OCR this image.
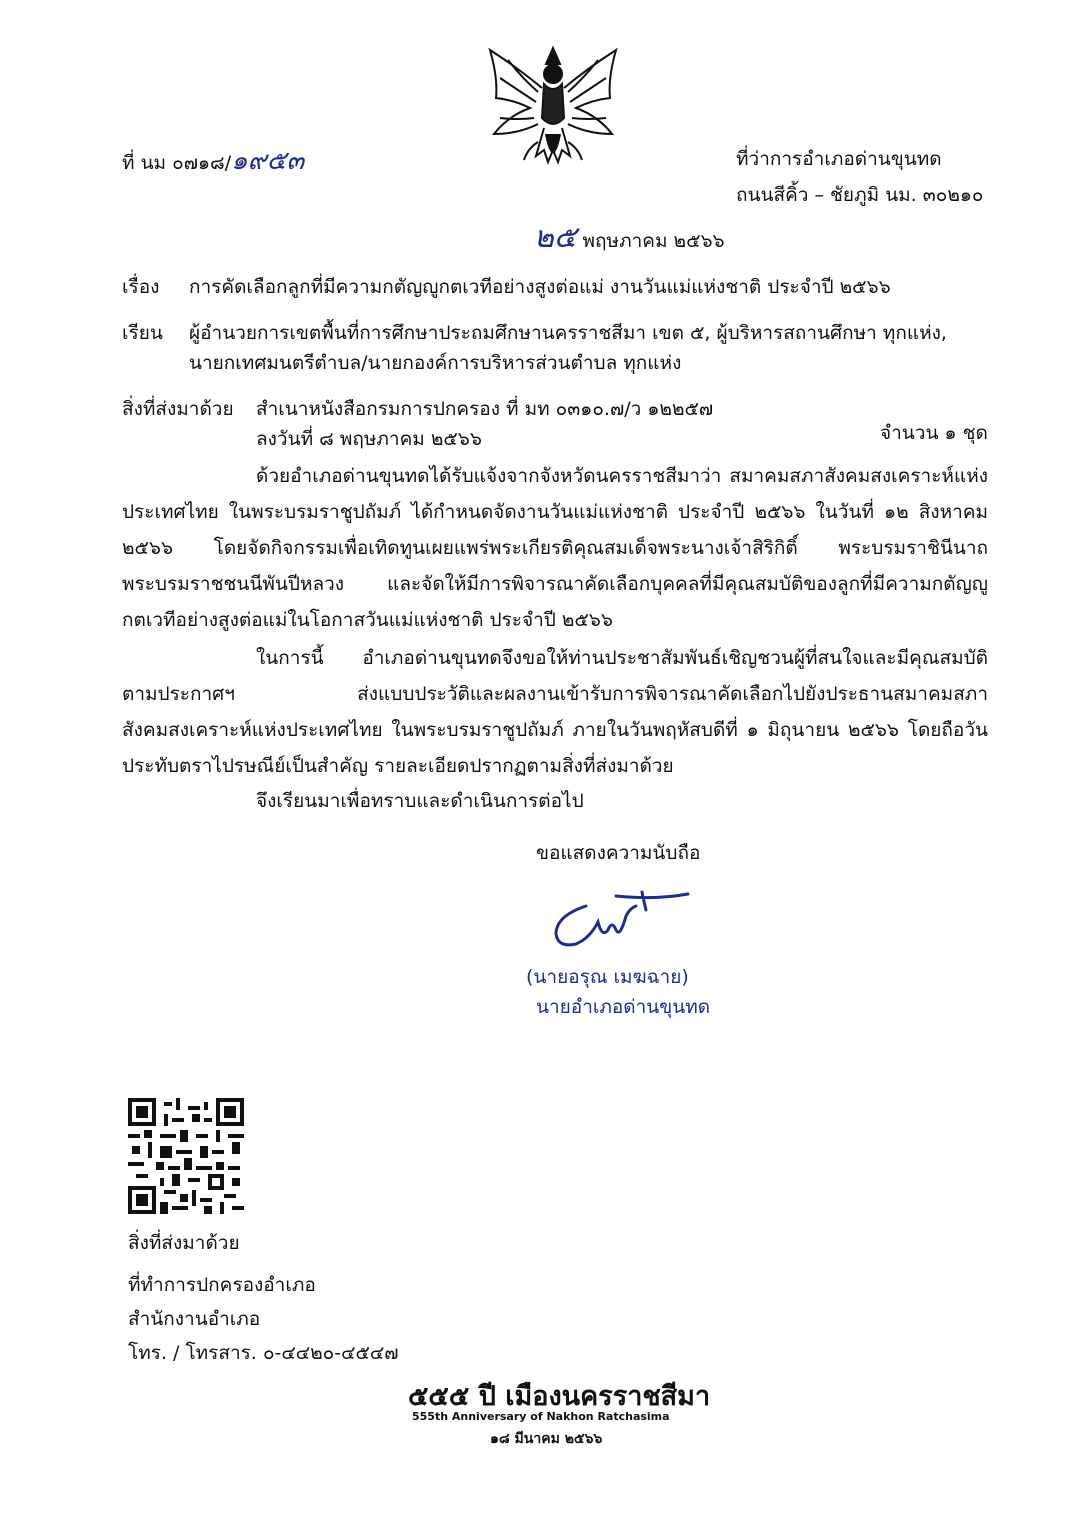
ที่ นม ๐๗๑๘/๑๙๕๓	ที่ว่าการอำเภอด่านขุนทด
ถนนสีคิ้ว – ชัยภูมิ นม. ๓๐๒๑๐
๒๕ พฤษภาคม ๒๕๖๖
เรื่อง การคัดเลือกลูกที่มีความกตัญญูกตเวทีอย่างสูงต่อแม่ งานวันแม่แห่งชาติ ประจำปี ๒๕๖๖
เรียน ผู้อำนวยการเขตพื้นที่การศึกษาประถมศึกษานครราชสีมา เขต ๕, ผู้บริหารสถานศึกษา ทุกแห่ง,
นายกเทศมนตรีตำบล/นายกองค์การบริหารส่วนตำบล ทุกแห่ง
สิ่งที่ส่งมาด้วย สำเนาหนังสือกรมการปกครอง ที่ มท ๐๓๑๐.๗/ว ๑๒๒๕๗
ลงวันที่ ๘ พฤษภาคม ๒๕๖๖	จำนวน ๑ ชุด
ด้วยอำเภอด่านขุนทดได้รับแจ้งจากจังหวัดนครราชสีมาว่า สมาคมสภาสังคมสงเคราะห์แห่งประเทศไทย ในพระบรมราชูปถัมภ์ ได้กำหนดจัดงานวันแม่แห่งชาติ ประจำปี ๒๕๖๖ ในวันที่ ๑๒ สิงหาคม ๒๕๖๖ โดยจัดกิจกรรมเพื่อเทิดทูนเผยแพร่พระเกียรติคุณสมเด็จพระนางเจ้าสิริกิติ์ พระบรมราชินีนาถ พระบรมราชชนนีพันปีหลวง และจัดให้มีการพิจารณาคัดเลือกบุคคลที่มีคุณสมบัติของลูกที่มีความกตัญญูกตเวทีอย่างสูงต่อแม่ในโอกาสวันแม่แห่งชาติ ประจำปี ๒๕๖๖
ในการนี้ อำเภอด่านขุนทดจึงขอให้ท่านประชาสัมพันธ์เชิญชวนผู้ที่สนใจและมีคุณสมบัติตามประกาศฯ ส่งแบบประวัติและผลงานเข้ารับการพิจารณาคัดเลือกไปยังประธานสมาคมสภาสังคมสงเคราะห์แห่งประเทศไทย ในพระบรมราชูปถัมภ์ ภายในวันพฤหัสบดีที่ ๑ มิถุนายน ๒๕๖๖ โดยถือวันประทับตราไปรษณีย์เป็นสำคัญ รายละเอียดปรากฏตามสิ่งที่ส่งมาด้วย
จึงเรียนมาเพื่อทราบและดำเนินการต่อไป
ขอแสดงความนับถือ
(นายอรุณ เมฆฉาย)
นายอำเภอด่านขุนทด
สิ่งที่ส่งมาด้วย
ที่ทำการปกครองอำเภอ
สำนักงานอำเภอ
โทร. / โทรสาร. ๐-๔๔๒๐-๔๕๔๗
๕๕๕ ปี เมืองนครราชสีมา
555th Anniversary of Nakhon Ratchasima
๑๘ มีนาคม ๒๕๖๖
